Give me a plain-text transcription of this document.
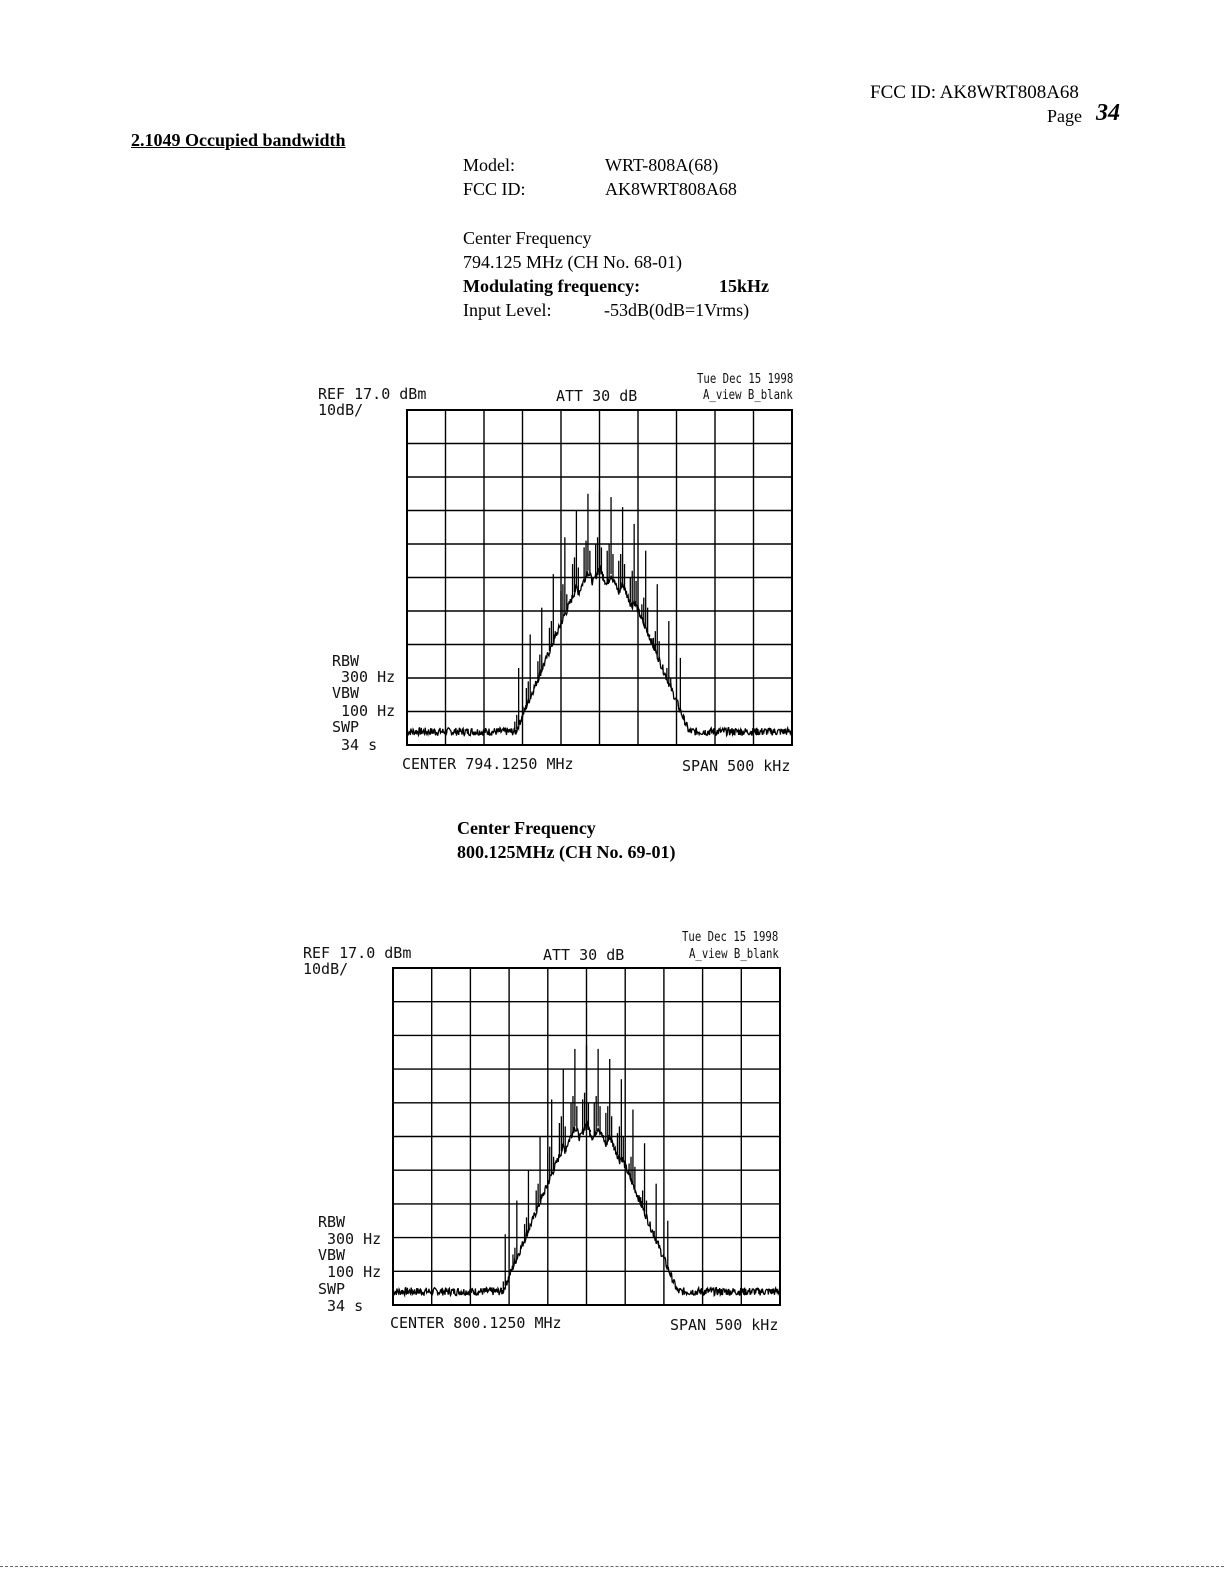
FCC ID: AK8WRT808A68
Page 34
2.1049 Occupied bandwidth
Model:	WRT-808A(68)
FCC ID:	AK8WRT808A68
Center Frequency
794.125 MHz (CH No. 68-01)
Modulating frequency:	15kHz
Input Level:	-53dB(0dB=1Vrms)
REF 17.0 dBm
10dB/
ATT 30 dB
Tue Dec 15 1998
A_view B_blank
RBW
300 Hz
VBW
100 Hz
SWP
34 s
CENTER 794.1250 MHz	SPAN 500 kHz
Center Frequency
800.125MHz (CH No. 69-01)
REF 17.0 dBm
10dB/
ATT 30 dB
Tue Dec 15 1998
A_view B_blank
RBW
300 Hz
VBW
100 Hz
SWP
34 s
CENTER 800.1250 MHz	SPAN 500 kHz
